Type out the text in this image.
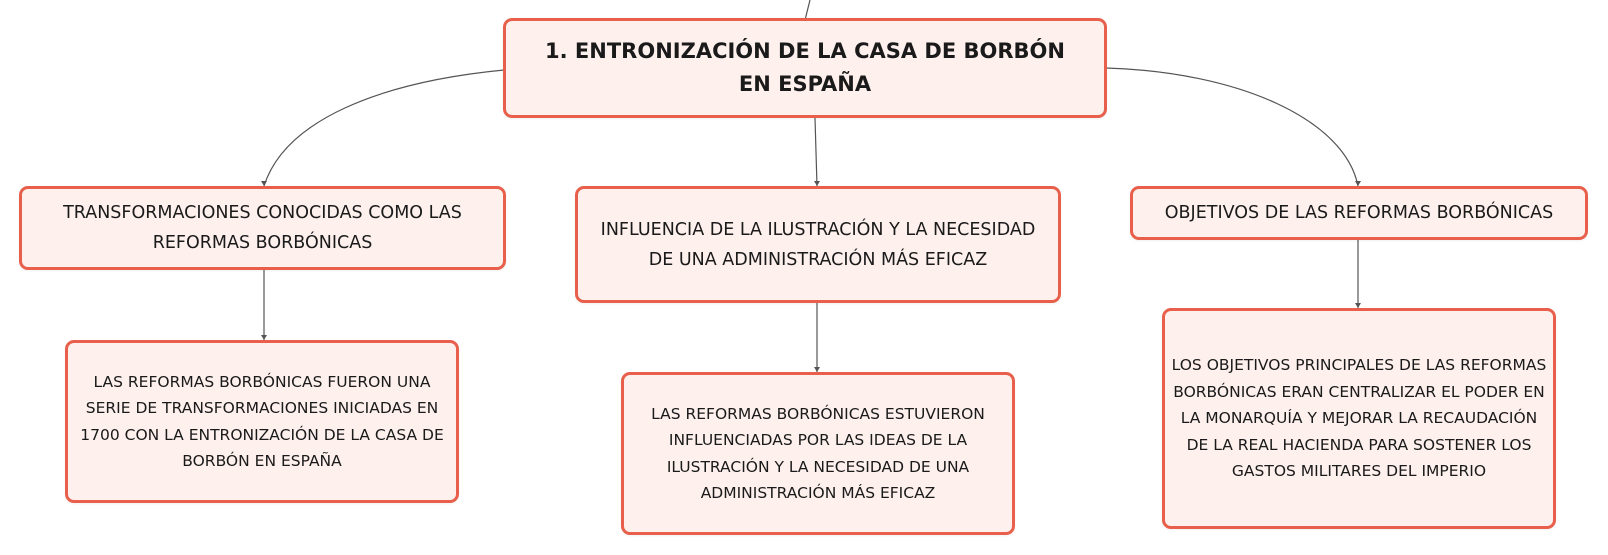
1. ENTRONIZACIÓN DE LA CASA DE BORBÓN EN ESPAÑA
TRANSFORMACIONES CONOCIDAS COMO LAS REFORMAS BORBÓNICAS
INFLUENCIA DE LA ILUSTRACIÓN Y LA NECESIDAD DE UNA ADMINISTRACIÓN MÁS EFICAZ
OBJETIVOS DE LAS REFORMAS BORBÓNICAS
LAS REFORMAS BORBÓNICAS FUERON UNA SERIE DE TRANSFORMACIONES INICIADAS EN 1700 CON LA ENTRONIZACIÓN DE LA CASA DE BORBÓN EN ESPAÑA
LAS REFORMAS BORBÓNICAS ESTUVIERON INFLUENCIADAS POR LAS IDEAS DE LA ILUSTRACIÓN Y LA NECESIDAD DE UNA ADMINISTRACIÓN MÁS EFICAZ
LOS OBJETIVOS PRINCIPALES DE LAS REFORMAS BORBÓNICAS ERAN CENTRALIZAR EL PODER EN LA MONARQUÍA Y MEJORAR LA RECAUDACIÓN DE LA REAL HACIENDA PARA SOSTENER LOS GASTOS MILITARES DEL IMPERIO
